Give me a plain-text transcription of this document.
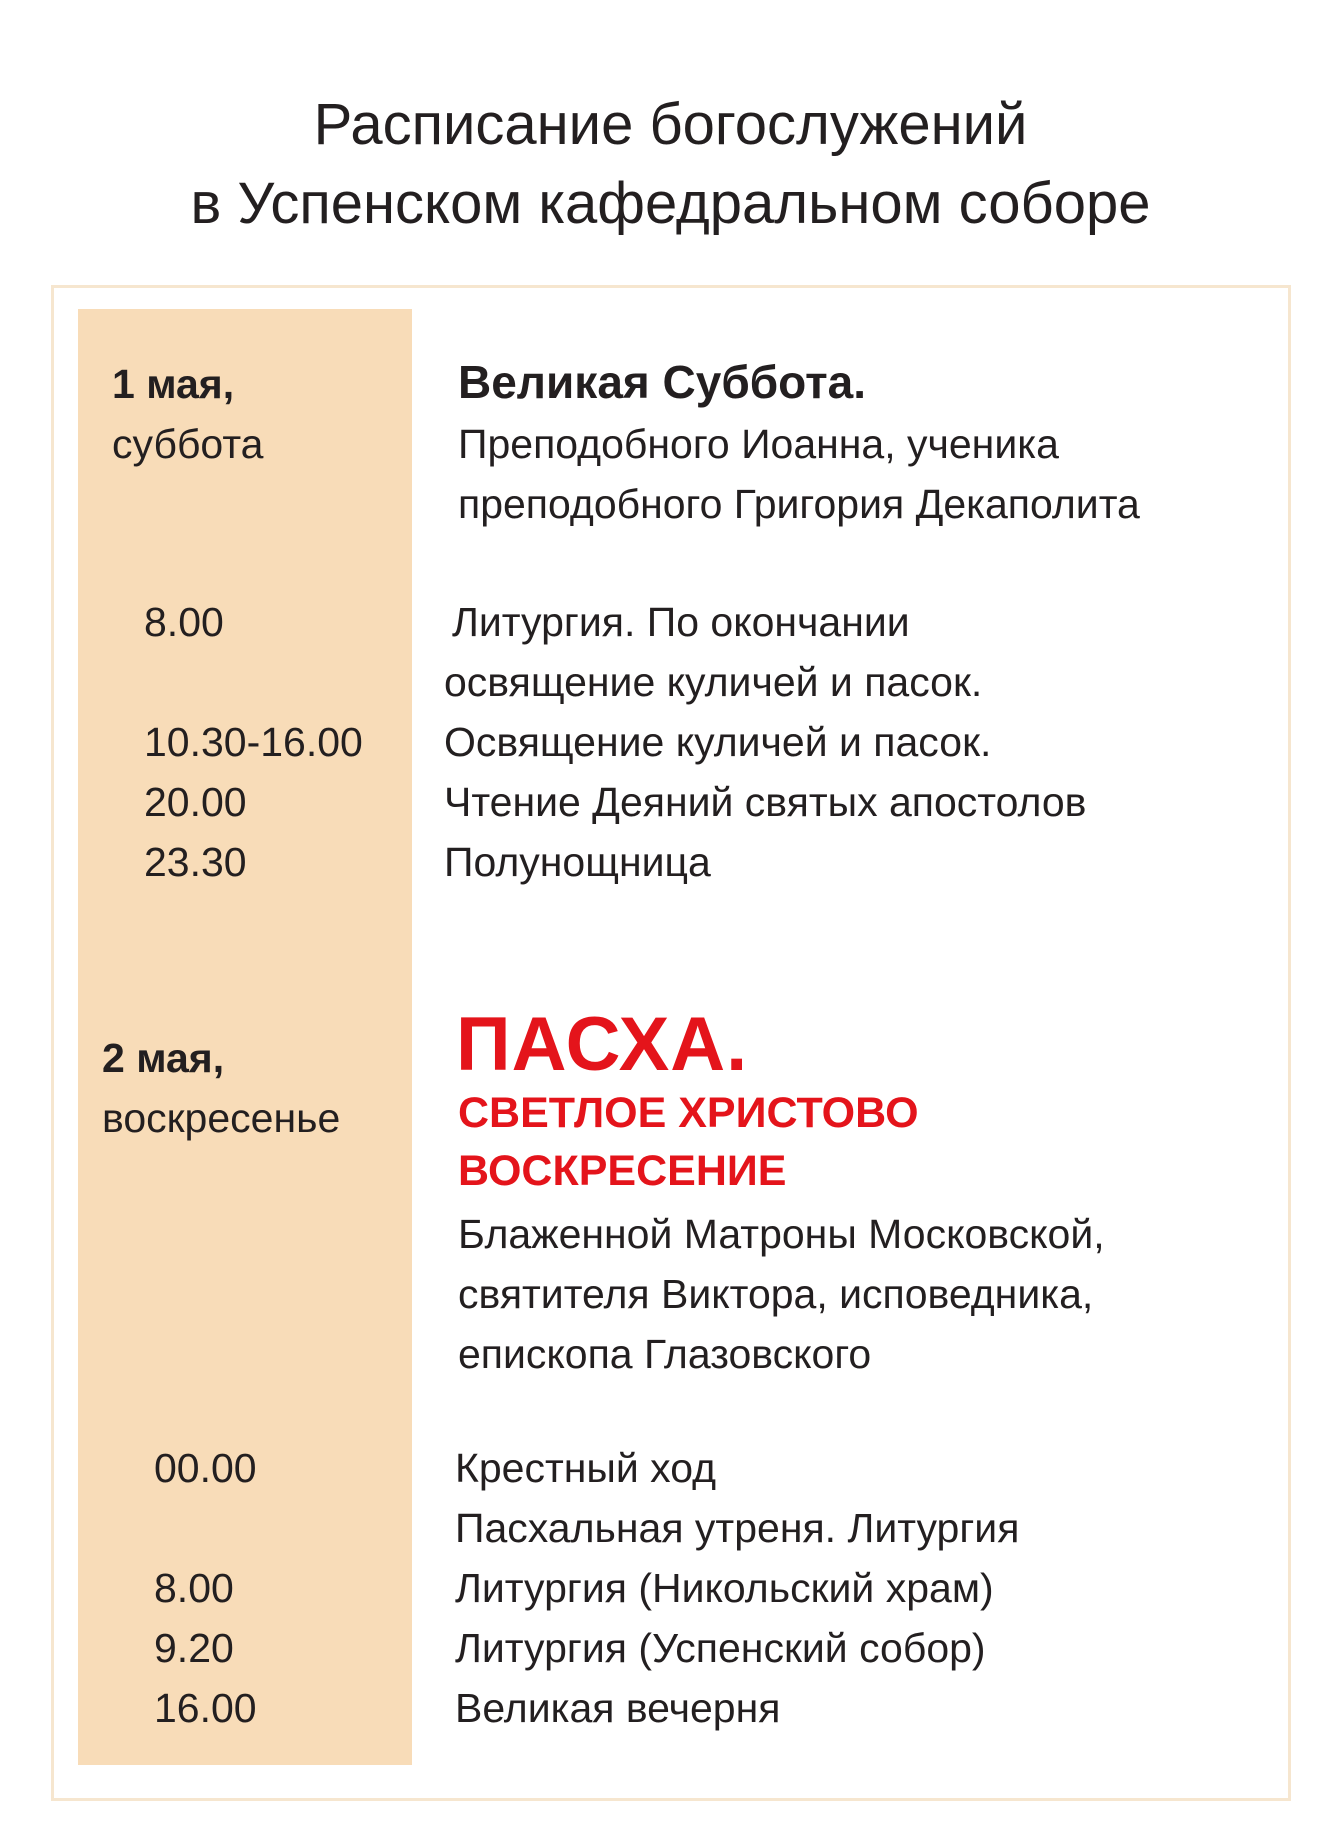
Расписание богослужений
в Успенском кафедральном соборе
1 мая,
суббота
Великая Суббота.
Преподобного Иоанна, ученика
преподобного Григория Декаполита
8.00	Литургия. По окончании
освящение куличей и пасок.
10.30-16.00 Освящение куличей и пасок.
20.00	Чтение Деяний святых апостолов
23.30	Полунощница
2 мая,
воскресенье
ПАСХА.
СВЕТЛОЕ ХРИСТОВО
ВОСКРЕСЕНИЕ
Блаженной Матроны Московской,
святителя Виктора, исповедника,
епископа Глазовского
00.00	Крестный ход
Пасхальная утреня. Литургия
8.00	Литургия (Никольский храм)
9.20	Литургия (Успенский собор)
16.00	Великая вечерня
